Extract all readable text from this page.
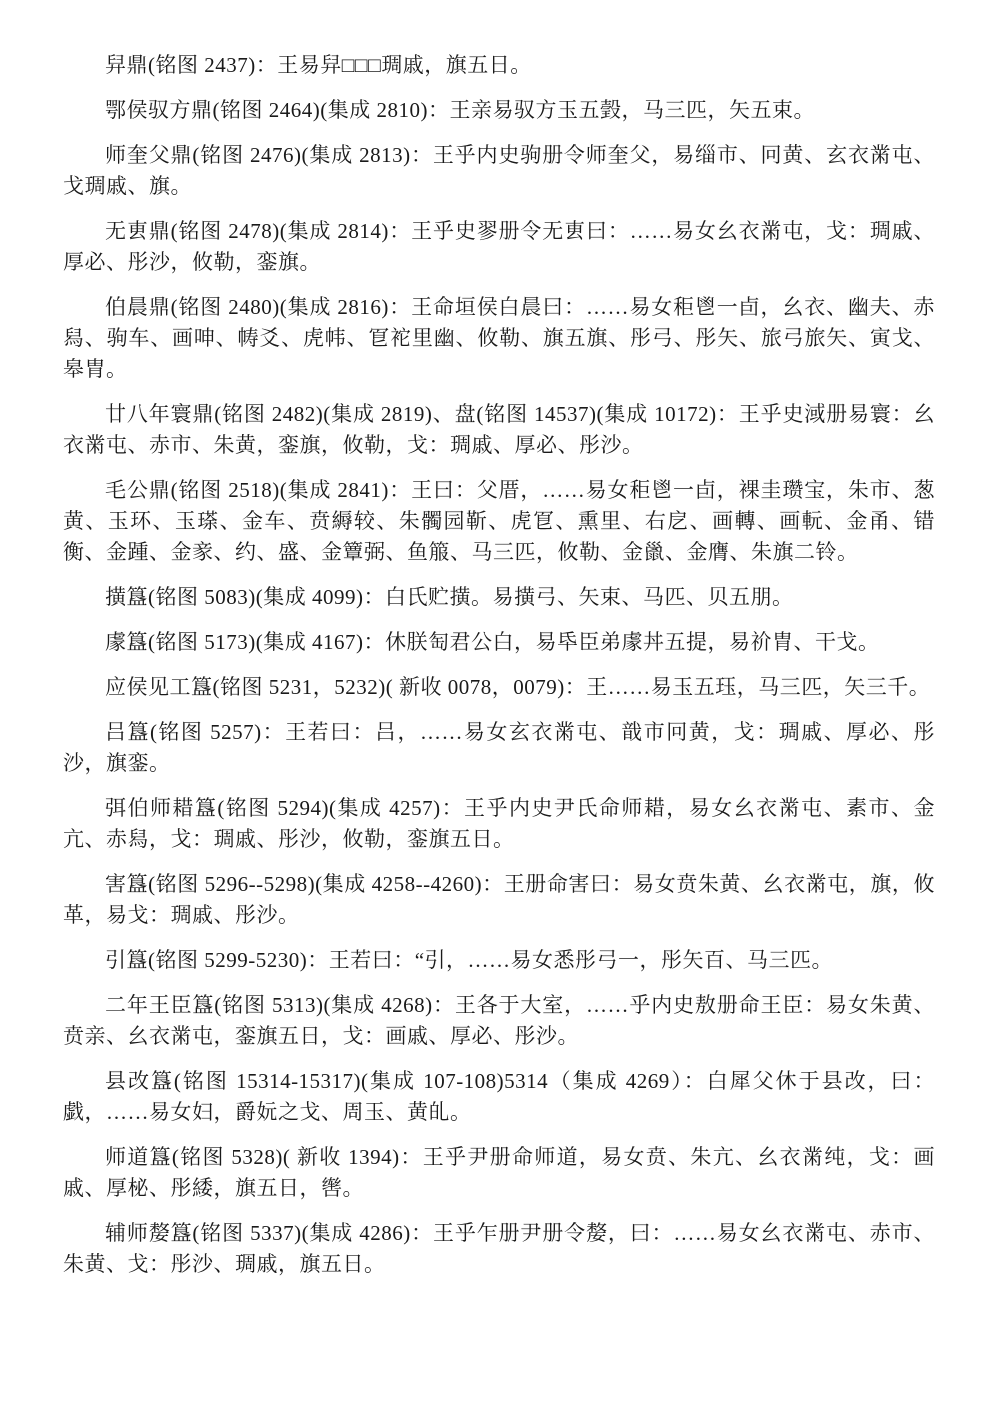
舁鼎(铭图 2437)：王易舁□□□琱戚，旗五日。

鄂侯驭方鼎(铭图 2464)(集成 2810)：王亲易驭方玉五瑴，马三匹，矢五束。

师奎父鼎(铭图 2476)(集成 2813)：王乎内史驹册令师奎父，易缁市、冋黄、玄衣黹屯、戈琱戚、旗。

无叀鼎(铭图 2478)(集成 2814)：王乎史翏册令无叀曰：……易女幺衣黹屯，戈：琱戚、厚必、彤沙，攸勒，銮旗。

伯晨鼎(铭图 2480)(集成 2816)：王命垣侯白晨曰：……易女秬鬯一卣，幺衣、幽夫、赤舄、驹车、画呻、帱爻、虎帏、冟袉里幽、攸勒、旗五旗、彤弓、彤矢、旅弓旅矢、寅戈、皋胄。

廿八年寰鼎(铭图 2482)(集成 2819)、盘(铭图 14537)(集成 10172)：王乎史淢册易寰：幺衣黹屯、赤市、朱黄，銮旗，攸勒，戈：琱戚、厚必、彤沙。

毛公鼎(铭图 2518)(集成 2841)：王曰：父厝，……易女秬鬯一卣，裸圭瓒宝，朱市、葱黄、玉环、玉瑹、金车、贲縟较、朱髑园靳、虎冟、熏里、右戹、画轉、画䡇、金甬、错衡、金踵、金豙、约、盛、金簟弼、鱼箙、马三匹，攸勒、金巤、金膺、朱旗二铃。

撗簋(铭图 5083)(集成 4099)：白氏贮撗。易撗弓、矢束、马匹、贝五朋。

豦簋(铭图 5173)(集成 4167)：休朕匋君公白，易氒臣弟豦丼五提，易祄胄、干戈。

应侯见工簋(铭图 5231，5232)( 新收 0078，0079)：王……易玉五珏，马三匹，矢三千。

吕簋(铭图 5257)：王若曰：吕，……易女玄衣黹屯、戠市冋黄，戈：琱戚、厚必、彤沙，旗銮。

弭伯师耤簋(铭图 5294)(集成 4257)：王乎内史尹氏命师耤，易女幺衣黹屯、素市、金亢、赤舄，戈：琱戚、彤沙，攸勒，銮旗五日。

害簋(铭图 5296--5298)(集成 4258--4260)：王册命害曰：易女贲朱黄、幺衣黹屯，旗，攸革，易戈：琱戚、彤沙。

引簋(铭图 5299-5230)：王若曰：“引，……易女悉彤弓一，彤矢百、马三匹。

二年王臣簋(铭图 5313)(集成 4268)：王各于大室，……乎内史敖册命王臣：易女朱黄、贲亲、幺衣黹屯，銮旗五日，戈：画戚、厚必、彤沙。

县改簋(铭图 15314-15317)(集成 107-108)5314（集成 4269）：白犀父休于县改，曰：戯，……易女妇，爵妧之戈、周玉、黄癿。

师道簋(铭图 5328)( 新收 1394)：王乎尹册命师道，易女贲、朱亢、幺衣黹纯，戈：画戚、厚柲、彤緌，旗五日，辔。

辅师嫠簋(铭图 5337)(集成 4286)：王乎乍册尹册令嫠，曰：……易女幺衣黹屯、赤市、朱黄、戈：彤沙、琱戚，旗五日。
